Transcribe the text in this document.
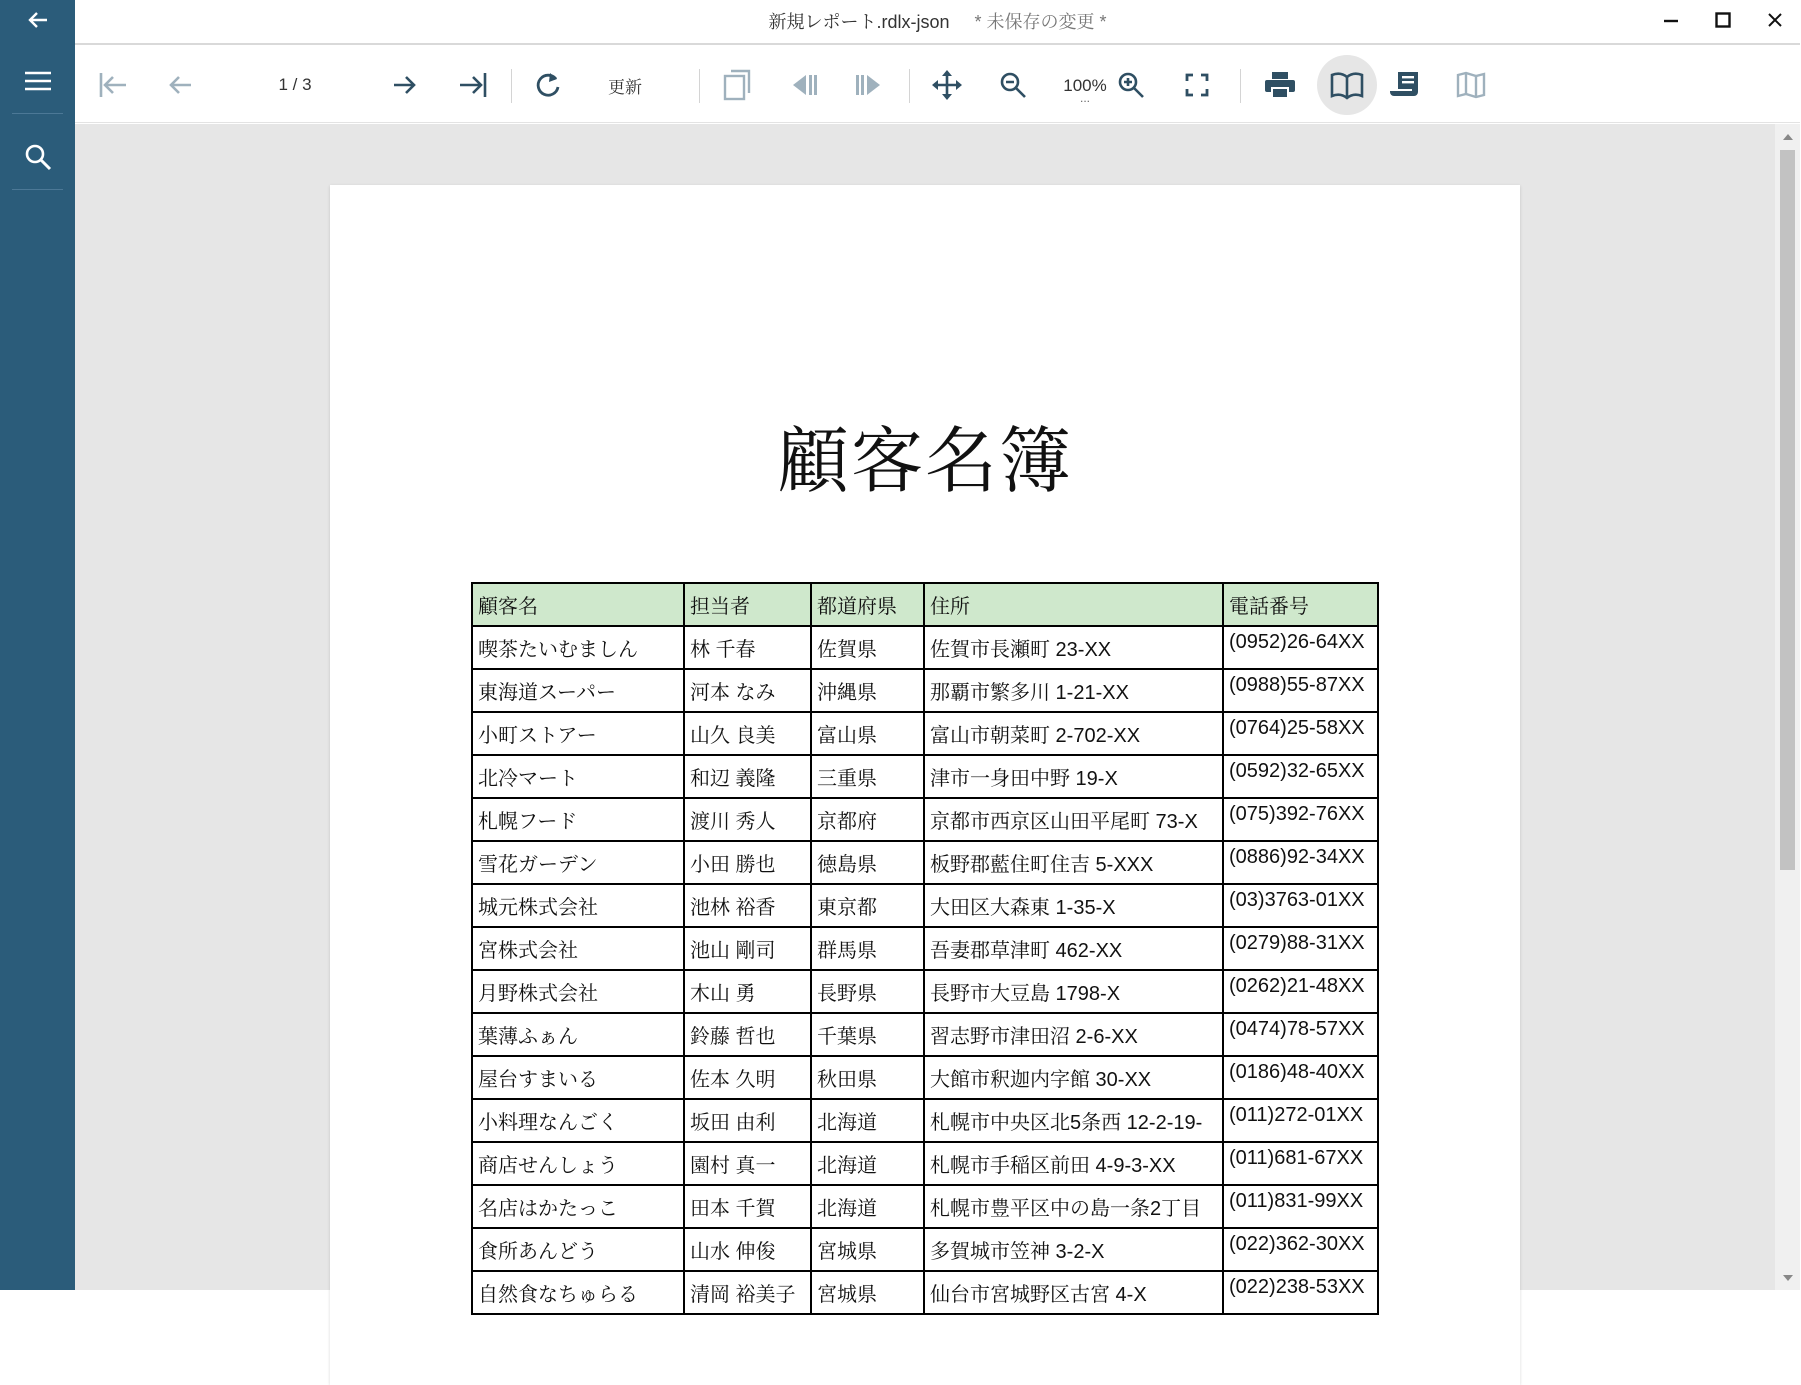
新規レポート.rdlx-json * 未保存の変更 *
1 / 3	更新	100%
...
顧客名簿
顧客名	担当者	都道府県	住所	電話番号
喫茶たいむましん	林 千春	佐賀県	佐賀市長瀬町 23-XX	(0952)26-64XX
東海道スーパー	河本 なみ	沖縄県	那覇市繁多川 1-21-XX	(0988)55-87XX
小町ストアー	山久 良美	富山県	富山市朝菜町 2-702-XX	(0764)25-58XX
北冷マート	和辺 義隆	三重県	津市一身田中野 19-X	(0592)32-65XX
札幌フード	渡川 秀人	京都府	京都市西京区山田平尾町 73-X	(075)392-76XX
雪花ガーデン	小田 勝也	徳島県	板野郡藍住町住吉 5-XXX	(0886)92-34XX
城元株式会社	池林 裕香	東京都	大田区大森東 1-35-X	(03)3763-01XX
宮株式会社	池山 剛司	群馬県	吾妻郡草津町 462-XX	(0279)88-31XX
月野株式会社	木山 勇	長野県	長野市大豆島 1798-X	(0262)21-48XX
葉薄ふぁん	鈴藤 哲也	千葉県	習志野市津田沼 2-6-XX	(0474)78-57XX
屋台すまいる	佐本 久明	秋田県	大館市釈迦内字館 30-XX	(0186)48-40XX
小料理なんごく	坂田 由利	北海道	札幌市中央区北5条西 12-2-19-	(011)272-01XX
商店せんしょう	園村 真一	北海道	札幌市手稲区前田 4-9-3-XX	(011)681-67XX
名店はかたっこ	田本 千賀	北海道	札幌市豊平区中の島一条2丁目	(011)831-99XX
食所あんどう	山水 伸俊	宮城県	多賀城市笠神 3-2-X	(022)362-30XX
自然食なちゅらる	清岡 裕美子	宮城県	仙台市宮城野区古宮 4-X	(022)238-53XX
